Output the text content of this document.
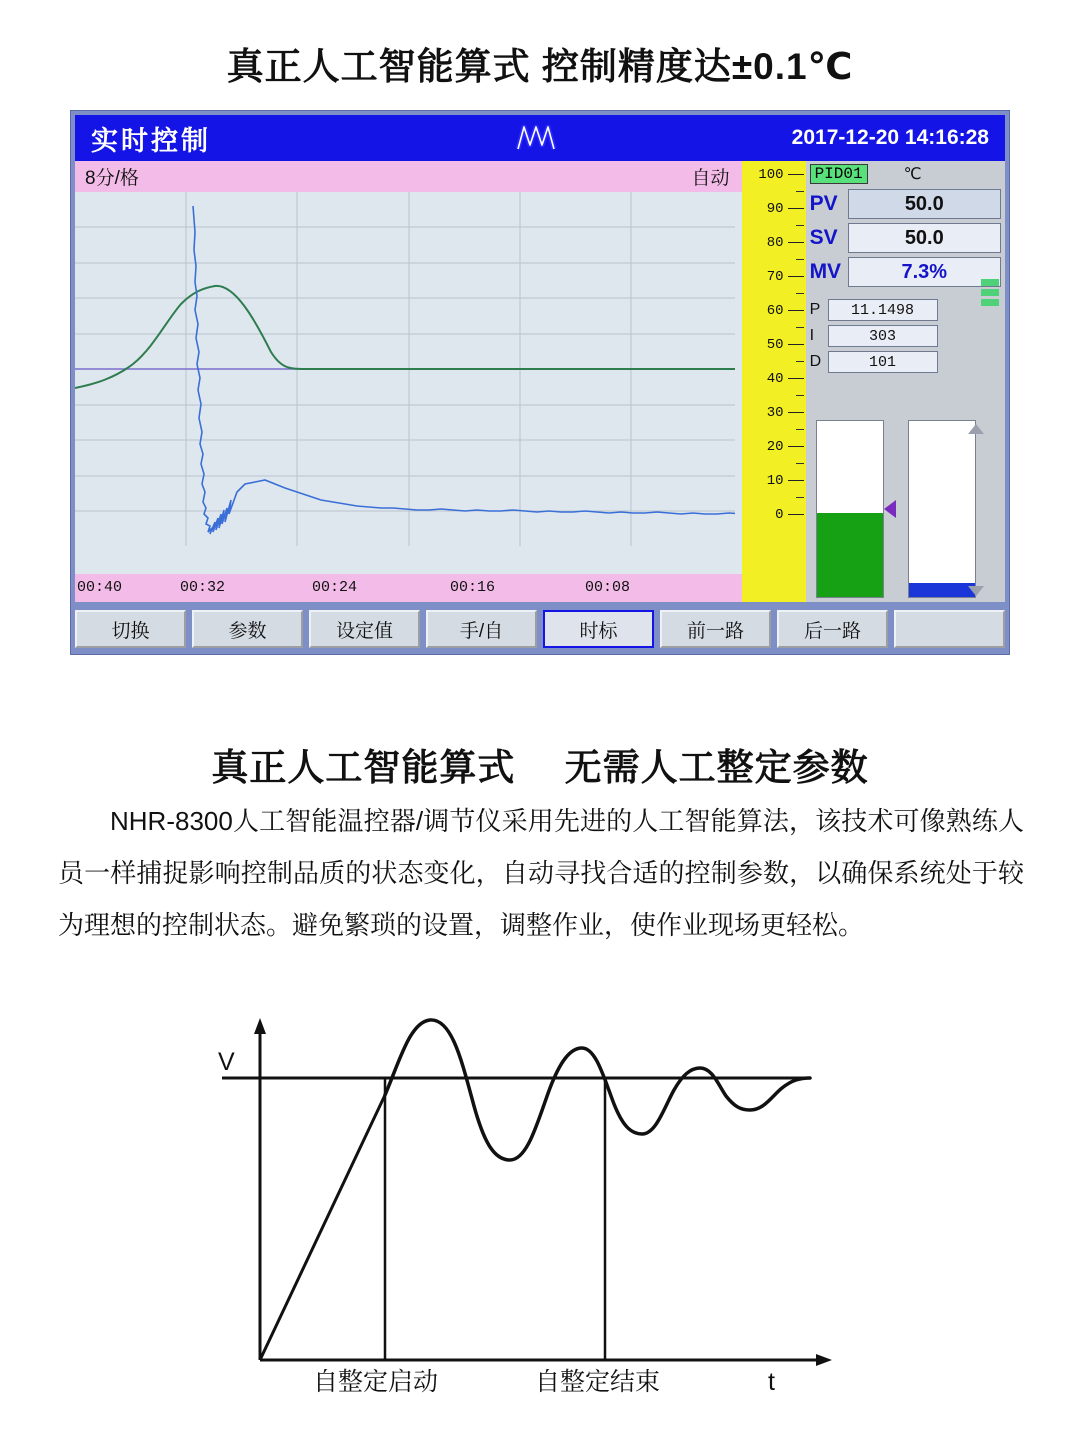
真正人工智能算式 控制精度达±0.1℃
实时控制	2017-12-20 14:16:28
8分/格	自动
00:40	00:32	00:24	00:16	00:08
100
90
80
70
60
50
40
30
20
10
0
PID01	℃
PV	50.0
SV	50.0
MV	7.3%
P	11.1498
I	303
D	101
切换	参数	设定值	手/自	时标	前一路	后一路
真正人工智能算式　 无需人工整定参数
NHR-8300人工智能温控器/调节仪采用先进的人工智能算法，该技术可像熟练人员一样捕捉影响控制品质的状态变化，自动寻找合适的控制参数，以确保系统处于较为理想的控制状态。避免繁琐的设置，调整作业，使作业现场更轻松。
V
t
自整定启动	自整定结束
